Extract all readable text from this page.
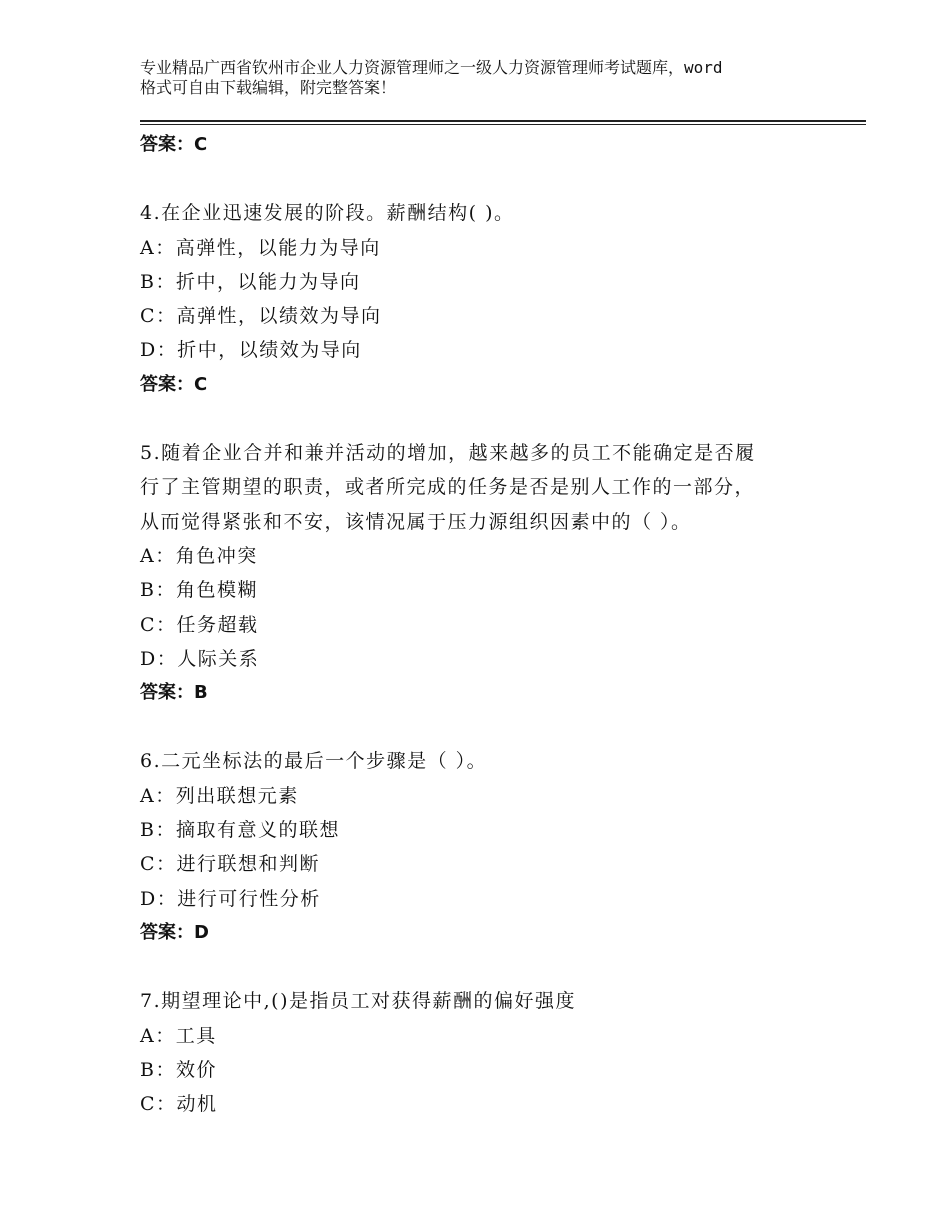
专业精品广西省钦州市企业人力资源管理师之一级人力资源管理师考试题库，word
格式可自由下载编辑，附完整答案！
答案：C
4.在企业迅速发展的阶段。薪酬结构( )。
A：高弹性，以能力为导向
B：折中，以能力为导向
C：高弹性，以绩效为导向
D：折中，以绩效为导向
答案：C
5.随着企业合并和兼并活动的增加，越来越多的员工不能确定是否履
行了主管期望的职责，或者所完成的任务是否是别人工作的一部分，
从而觉得紧张和不安，该情况属于压力源组织因素中的（ ）。
A：角色冲突
B：角色模糊
C：任务超载
D：人际关系
答案：B
6.二元坐标法的最后一个步骤是（ ）。
A：列出联想元素
B：摘取有意义的联想
C：进行联想和判断
D：进行可行性分析
答案：D
7.期望理论中,()是指员工对获得薪酬的偏好强度
A：工具
B：效价
C：动机
